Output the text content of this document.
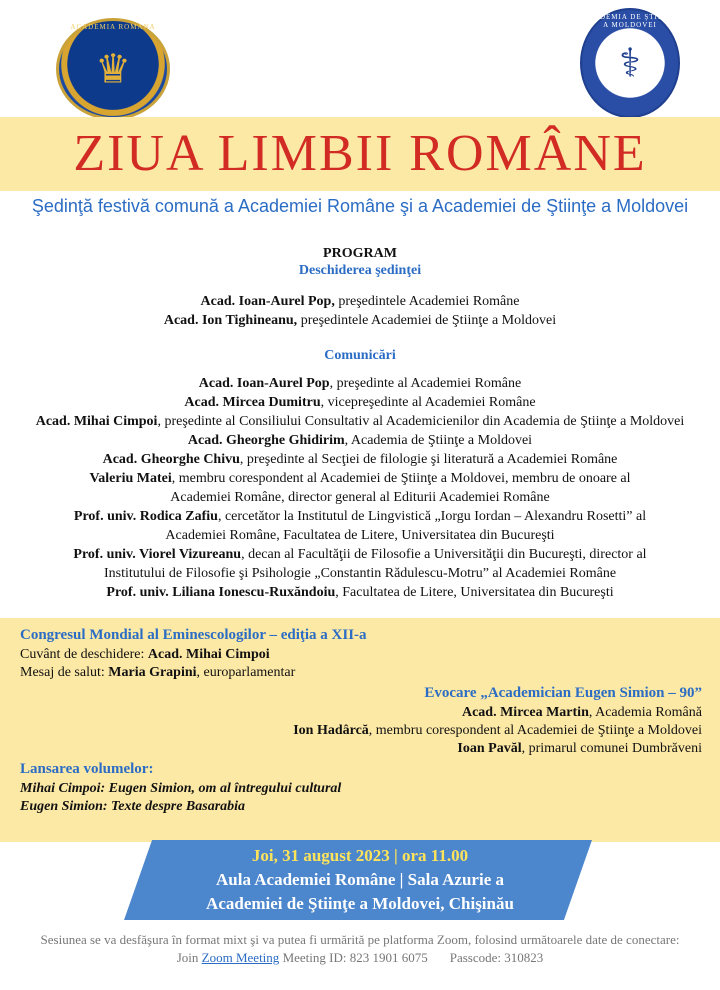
ACADEMIA ROMANA
♛
ACADEMIA DE ŞTIINŢE A MOLDOVEI
⚕
ZIUA LIMBII ROMÂNE
Şedinţă festivă comună a Academiei Române şi a Academiei de Ştiinţe a Moldovei
PROGRAM
Deschiderea şedinţei
Acad. Ioan-Aurel Pop, preşedintele Academiei Române
Acad. Ion Tighineanu, preşedintele Academiei de Ştiinţe a Moldovei
Comunicări
Acad. Ioan-Aurel Pop, preşedinte al Academiei Române
Acad. Mircea Dumitru, vicepreşedinte al Academiei Române
Acad. Mihai Cimpoi, preşedinte al Consiliului Consultativ al Academicienilor din Academia de Ştiinţe a Moldovei
Acad. Gheorghe Ghidirim, Academia de Ştiinţe a Moldovei
Acad. Gheorghe Chivu, preşedinte al Secţiei de filologie şi literatură a Academiei Române
Valeriu Matei, membru corespondent al Academiei de Ştiinţe a Moldovei, membru de onoare al
Academiei Române, director general al Editurii Academiei Române
Prof. univ. Rodica Zafiu, cercetător la Institutul de Lingvistică „Iorgu Iordan – Alexandru Rosetti” al
Academiei Române, Facultatea de Litere, Universitatea din Bucureşti
Prof. univ. Viorel Vizureanu, decan al Facultăţii de Filosofie a Universităţii din Bucureşti, director al
Institutului de Filosofie şi Psihologie „Constantin Rădulescu-Motru” al Academiei Române
Prof. univ. Liliana Ionescu-Ruxăndoiu, Facultatea de Litere, Universitatea din Bucureşti
Congresul Mondial al Eminescologilor – ediţia a XII-a
Cuvânt de deschidere: Acad. Mihai Cimpoi
Mesaj de salut: Maria Grapini, europarlamentar
Evocare „Academician Eugen Simion – 90”
Acad. Mircea Martin, Academia Română
Ion Hadârcă, membru corespondent al Academiei de Ştiinţe a Moldovei
Ioan Pavăl, primarul comunei Dumbrăveni
Lansarea volumelor:
Mihai Cimpoi: Eugen Simion, om al întregului cultural
Eugen Simion: Texte despre Basarabia
Joi, 31 august 2023 | ora 11.00
Aula Academiei Române | Sala Azurie a
Academiei de Ştiinţe a Moldovei, Chişinău
Sesiunea se va desfăşura în format mixt şi va putea fi urmărită pe platforma Zoom, folosind următoarele date de conectare:
Join Zoom Meeting Meeting ID: 823 1901 6075 Passcode: 310823
